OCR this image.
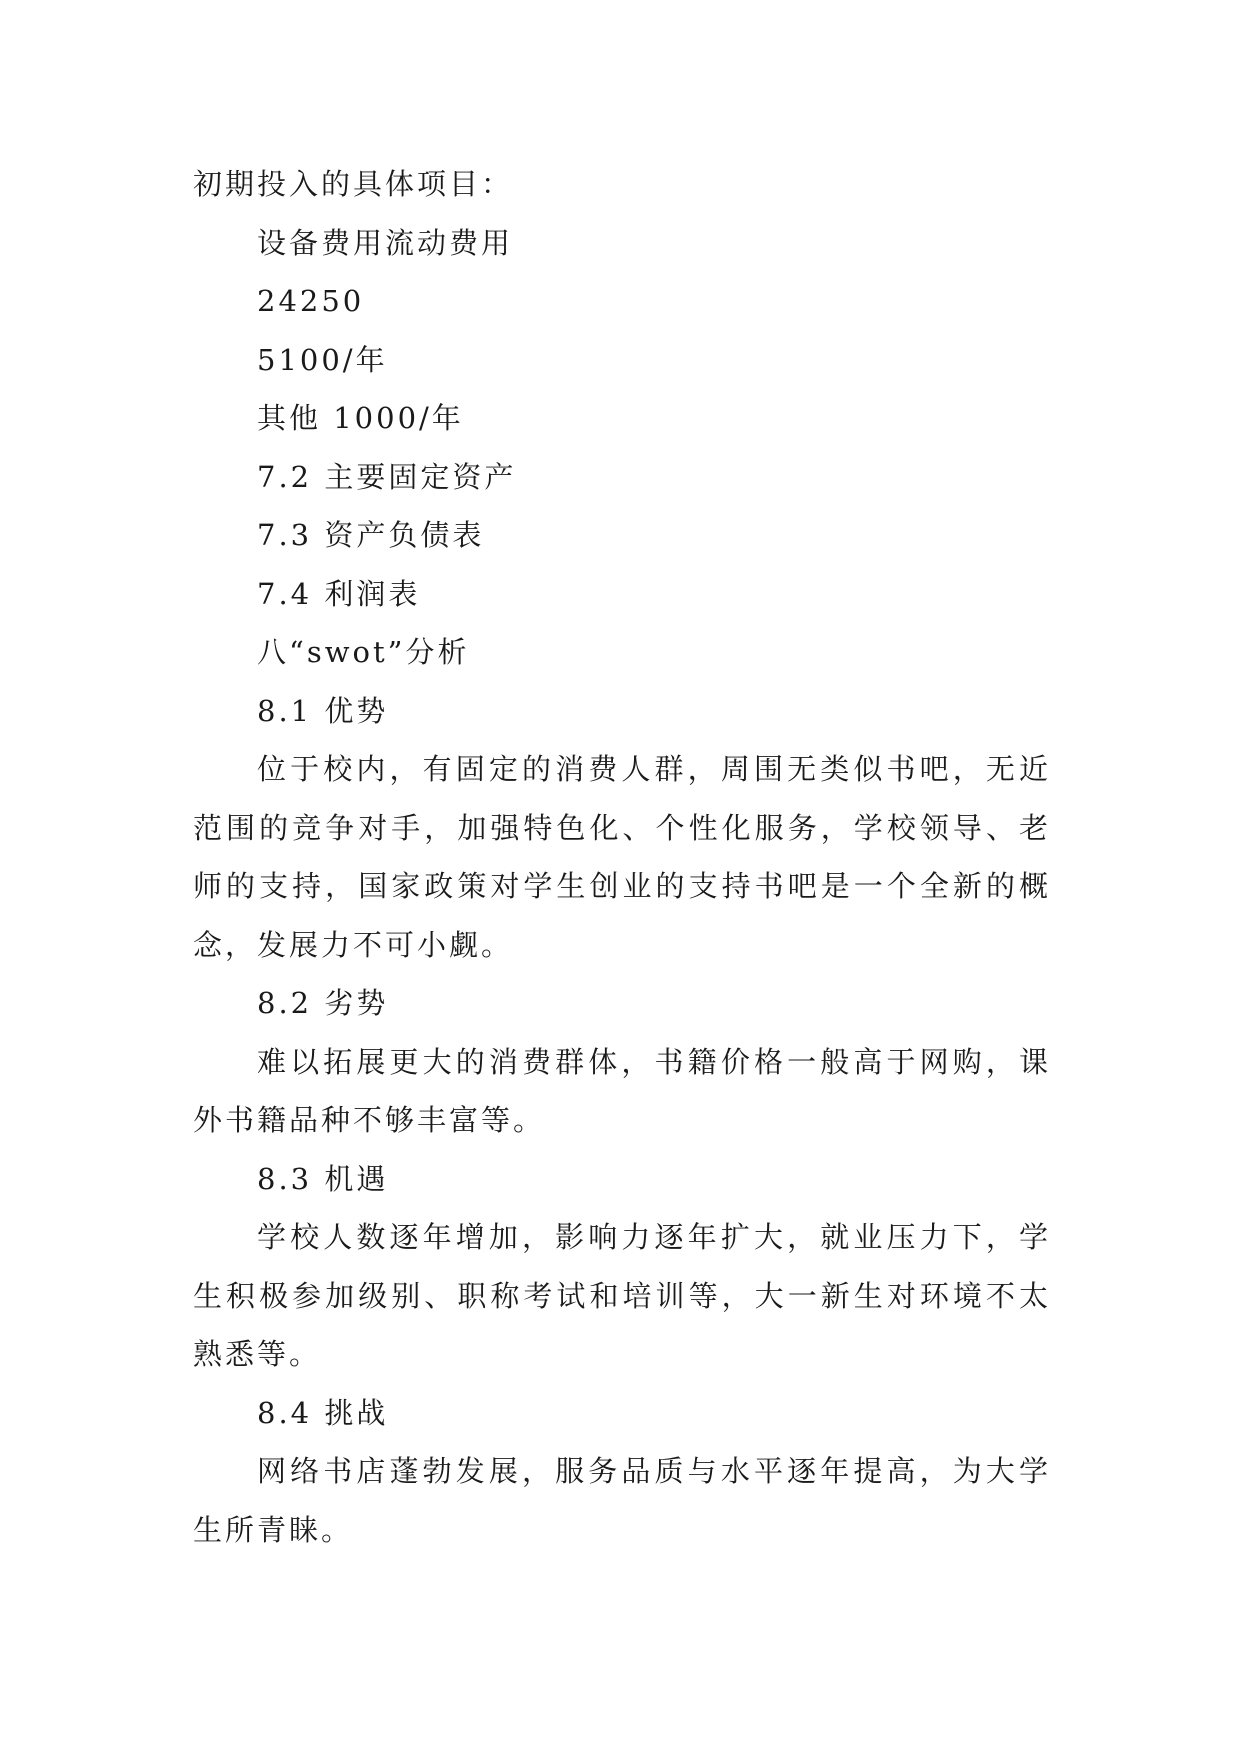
初期投入的具体项目：

设备费用流动费用

24250

5100/年

其他 1000/年

7.2 主要固定资产

7.3 资产负债表

7.4 利润表

八“swot”分析

8.1 优势

位于校内，有固定的消费人群，周围无类似书吧，无近范围的竞争对手，加强特色化、个性化服务，学校领导、老师的支持，国家政策对学生创业的支持书吧是一个全新的概念，发展力不可小觑。

8.2 劣势

难以拓展更大的消费群体，书籍价格一般高于网购，课外书籍品种不够丰富等。

8.3 机遇

学校人数逐年增加，影响力逐年扩大，就业压力下，学生积极参加级别、职称考试和培训等，大一新生对环境不太熟悉等。

8.4 挑战

网络书店蓬勃发展，服务品质与水平逐年提高，为大学生所青睐。
